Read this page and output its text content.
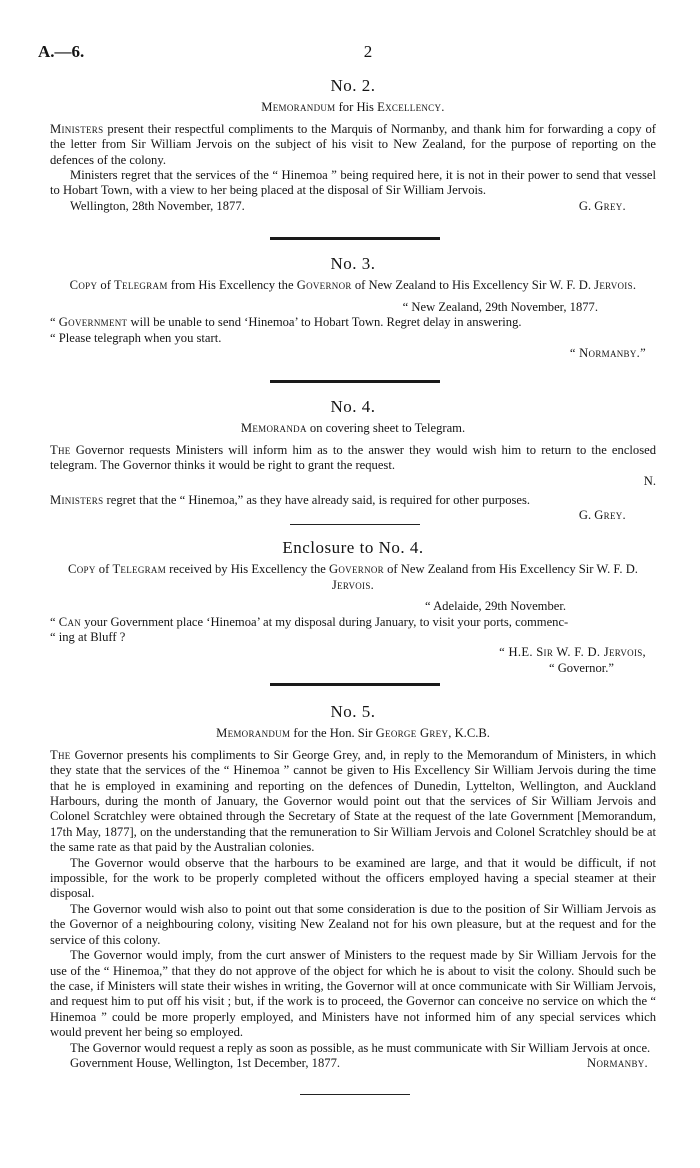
A.—6.	2
No. 2.
Memorandum for His Excellency.

Ministers present their respectful compliments to the Marquis of Normanby, and thank him for forwarding a copy of the letter from Sir William Jervois on the subject of his visit to New Zealand, for the purpose of reporting on the defences of the colony.

Ministers regret that the services of the “ Hinemoa ” being required here, it is not in their power to send that vessel to Hobart Town, with a view to her being placed at the disposal of Sir William Jervois.

Wellington, 28th November, 1877.	G. Grey.
No. 3.
Copy of Telegram from His Excellency the Governor of New Zealand to His Excellency Sir W. F. D. Jervois.
“ New Zealand, 29th November, 1877.

“ Government will be unable to send ‘Hinemoa’ to Hobart Town. Regret delay in answering.

“ Please telegraph when you start.

“ Normanby.”
No. 4.
Memoranda on covering sheet to Telegram.

The Governor requests Ministers will inform him as to the answer they would wish him to return to the enclosed telegram. The Governor thinks it would be right to grant the request.

N.

Ministers regret that the “ Hinemoa,” as they have already said, is required for other purposes.

G. Grey.
Enclosure to No. 4.
Copy of Telegram received by His Excellency the Governor of New Zealand from His Excellency Sir W. F. D. Jervois.
“ Adelaide, 29th November.

“ Can your Government place ‘Hinemoa’ at my disposal during January, to visit your ports, commenc-

“ ing at Bluff ?

“ H.E. Sir W. F. D. Jervois,
“ Governor.”
No. 5.
Memorandum for the Hon. Sir George Grey, K.C.B.

The Governor presents his compliments to Sir George Grey, and, in reply to the Memorandum of Ministers, in which they state that the services of the “ Hinemoa ” cannot be given to His Excellency Sir William Jervois during the time that he is employed in examining and reporting on the defences of Dunedin, Lyttelton, Wellington, and Auckland Harbours, during the month of January, the Governor would point out that the services of Sir William Jervois and Colonel Scratchley were obtained through the Secretary of State at the request of the late Government [Memorandum, 17th May, 1877], on the understanding that the remuneration to Sir William Jervois and Colonel Scratchley should be at the same rate as that paid by the Australian colonies.

The Governor would observe that the harbours to be examined are large, and that it would be difficult, if not impossible, for the work to be properly completed without the officers employed having a special steamer at their disposal.

The Governor would wish also to point out that some consideration is due to the position of Sir William Jervois as the Governor of a neighbouring colony, visiting New Zealand not for his own pleasure, but at the request and for the service of this colony.

The Governor would imply, from the curt answer of Ministers to the request made by Sir William Jervois for the use of the “ Hinemoa,” that they do not approve of the object for which he is about to visit the colony. Should such be the case, if Ministers will state their wishes in writing, the Governor will at once communicate with Sir William Jervois, and request him to put off his visit ; but, if the work is to proceed, the Governor can conceive no service on which the “ Hinemoa ” could be more properly employed, and Ministers have not informed him of any special services which would prevent her being so employed.

The Governor would request a reply as soon as possible, as he must communicate with Sir William Jervois at once.

Government House, Wellington, 1st December, 1877.	Normanby.
